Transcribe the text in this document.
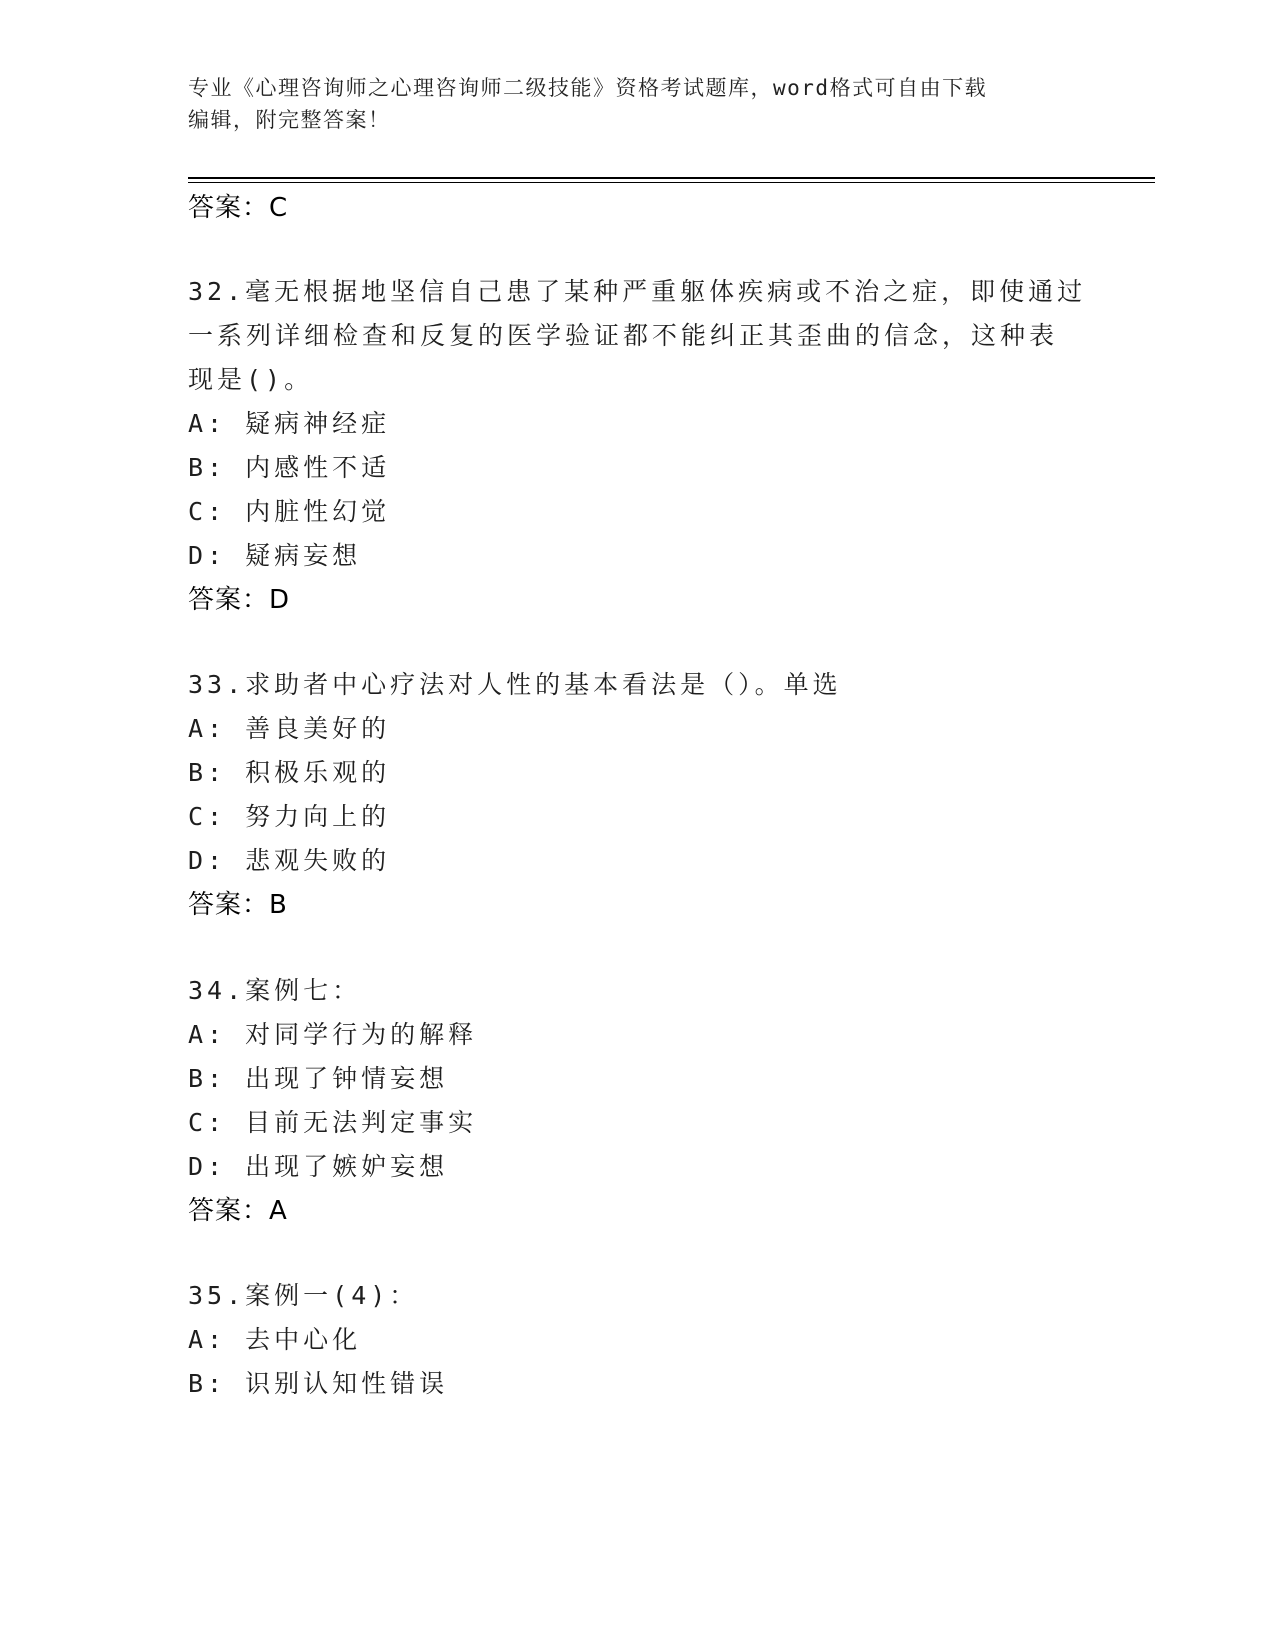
专业《心理咨询师之心理咨询师二级技能》资格考试题库，word格式可自由下载
编辑，附完整答案！
答案：C
32.毫无根据地坚信自己患了某种严重躯体疾病或不治之症，即使通过
一系列详细检查和反复的医学验证都不能纠正其歪曲的信念，这种表
现是()。
A: 疑病神经症
B: 内感性不适
C: 内脏性幻觉
D: 疑病妄想
答案：D
33.求助者中心疗法对人性的基本看法是（）。单选
A: 善良美好的
B: 积极乐观的
C: 努力向上的
D: 悲观失败的
答案：B
34.案例七：
A: 对同学行为的解释
B: 出现了钟情妄想
C: 目前无法判定事实
D: 出现了嫉妒妄想
答案：A
35.案例一(4)：
A: 去中心化
B: 识别认知性错误
